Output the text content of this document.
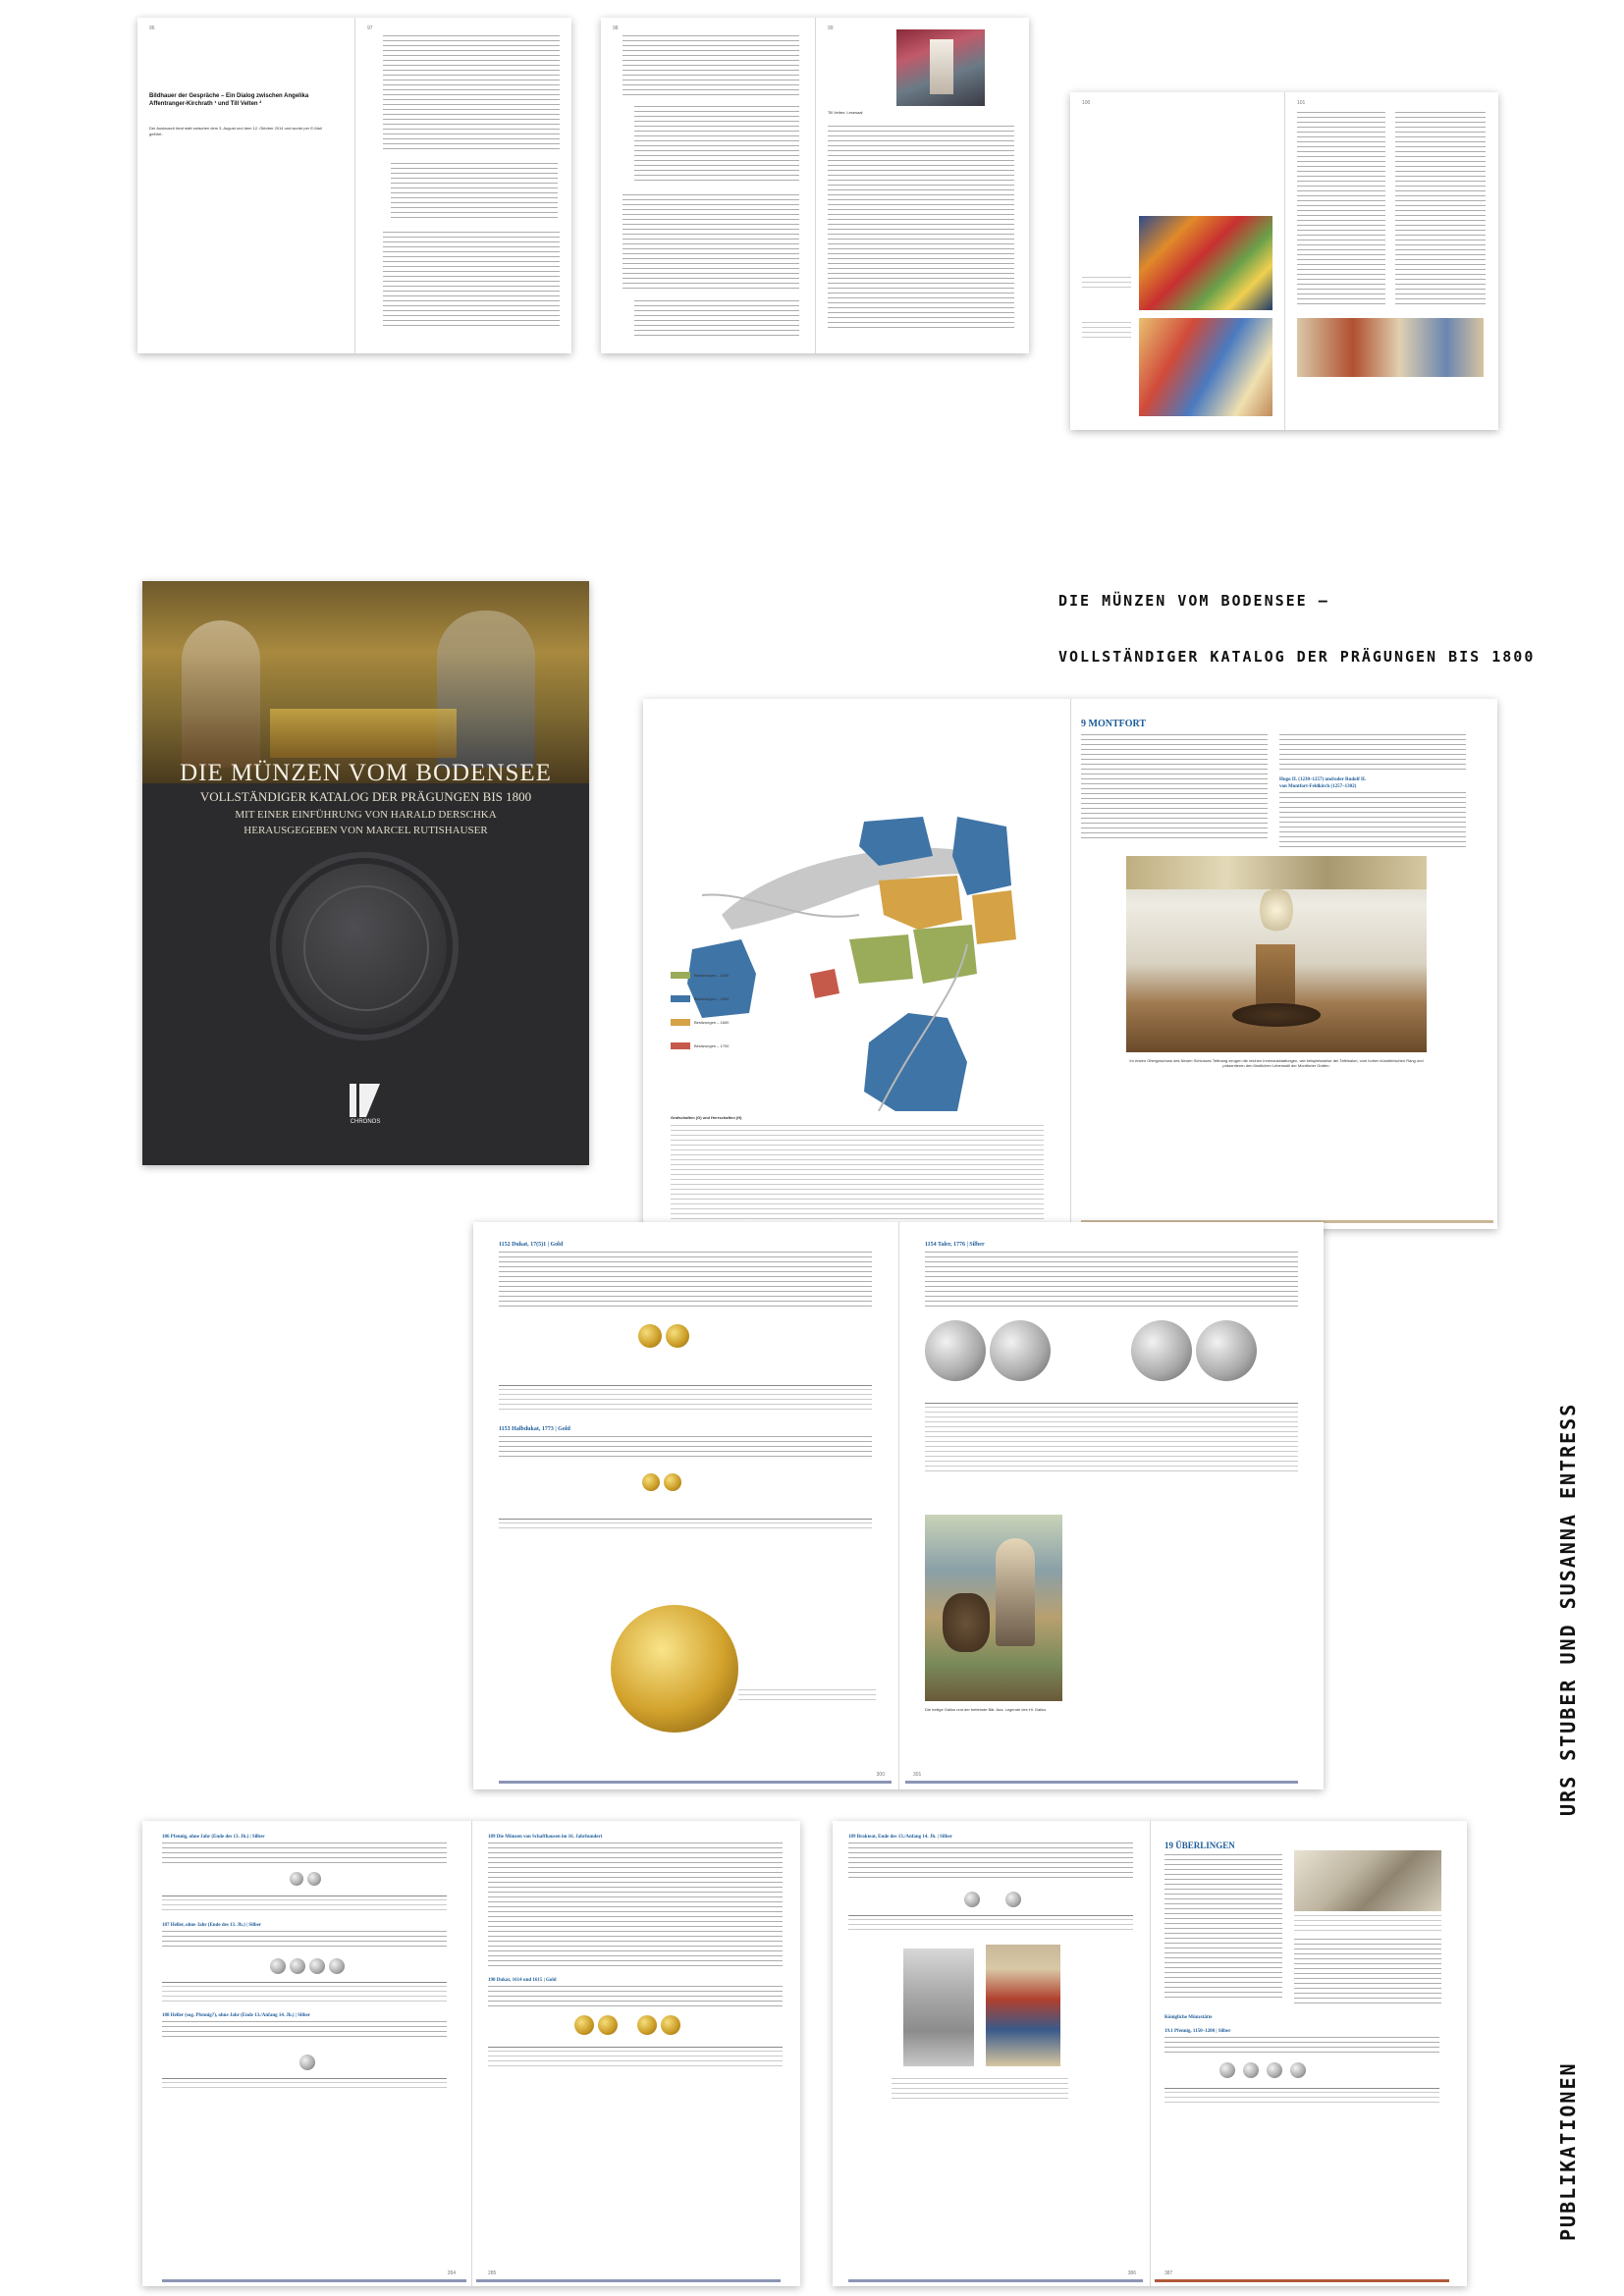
Bildhauer der Gespräche – Ein Dialog zwischen Angelika Affentranger-Kirchrath ¹ und Till Velten ²
Der Austausch fand statt zwischen dem 3. August und dem 12. Oktober 2014 und wurde per E-Mail geführt.
96	97	98	99
Till Velten: Lesesaal
100	101

DIE MÜNZEN VOM BODENSEE –

VOLLSTÄNDIGER KATALOG DER PRÄGUNGEN BIS 1800

DIE MÜNZEN VOM BODENSEE
VOLLSTÄNDIGER KATALOG DER PRÄGUNGEN BIS 1800
MIT EINER EINFÜHRUNG VON HARALD DERSCHKA
HERAUSGEGEBEN VON MARCEL RUTISHAUSER
CHRONOS
Besitzungen – 1400
Besitzungen – 1500
Besitzungen – 1600
Besitzungen – 1700
Grafschaften (G) und Herrschaften (H)
9 MONTFORT
Hugo II. (1230–1257) und/oder Rudolf II.
von Montfort-Feldkirch (1257–1302)
Im ersten Obergeschoss des Neuen Schlosses Tettnang zeugen die reichen Innenausstattungen, wie beispielsweise der Tafelsalon, vom hohen künstlerischen Rang und präsentieren den fürstlichen Lebensstil der Montforter Grafen.
1152 Dukat, 17(5)1 | Gold
1153 Halbdukat, 1773 | Gold
300
1154 Taler, 1776 | Silber
Die heilige Gallus und der bettelnde Bär. Aus: Legende des Hl. Gallus
301
186 Pfennig, ohne Jahr (Ende des 13. Jh.) | Silber
187 Heller, ohne Jahr (Ende des 13. Jh.) | Silber
188 Heller (sog. Pfennig?), ohne Jahr (Ende 13./Anfang 14. Jh.) | Silber
284
189 Die Münzen von Schaffhausen im 16. Jahrhundert
190 Dukat, 1614 und 1615 | Gold
285
189 Brakteat, Ende des 13./Anfang 14. Jh. | Silber
386
19 ÜBERLINGEN
Königliche Münzstätte
19.1 Pfennig, 1150–1200 | Silber
387
PUBLIKATIONEN
URS STUBER UND SUSANNA ENTRESS
